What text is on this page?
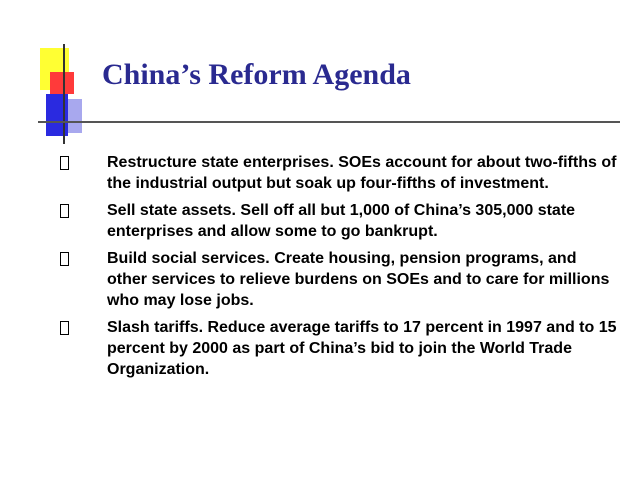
China’s Reform Agenda
Restructure state enterprises. SOEs account for about two-fifths of the industrial output but soak up four-fifths of investment.
Sell state assets. Sell off all but 1,000 of China’s 305,000 state enterprises and allow some to go bankrupt.
Build social services. Create housing, pension programs, and other services to relieve burdens on SOEs and to care for millions who may lose jobs.
Slash tariffs. Reduce average tariffs to 17 percent in 1997 and to 15 percent by 2000 as part of China’s bid to join the World Trade Organization.
